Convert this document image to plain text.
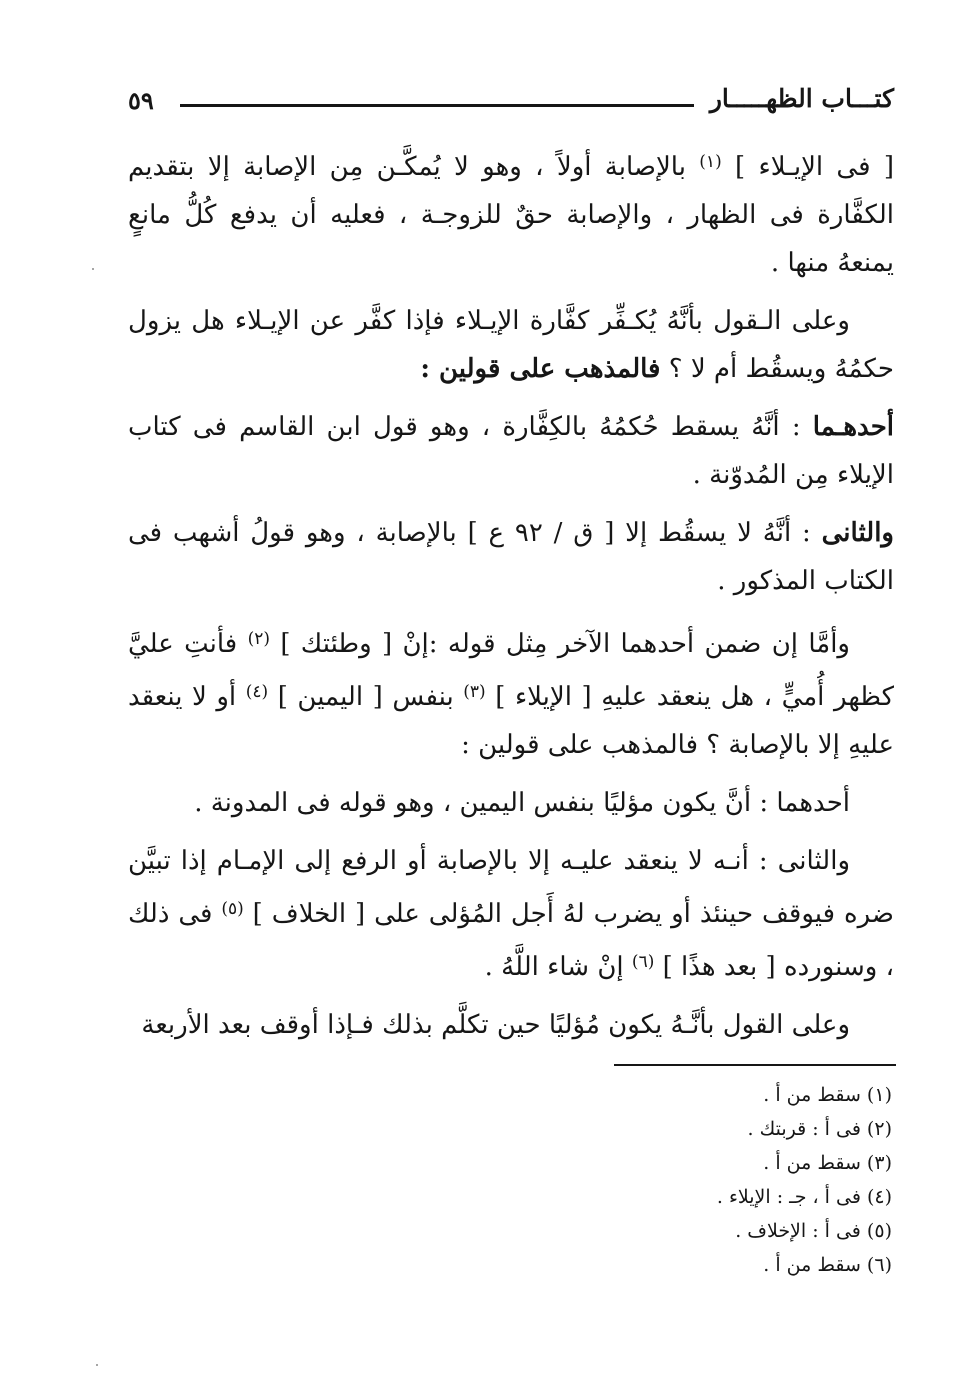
كتـــاب الظهـــــار
٥٩

[ فى الإيـلاء ] $^{(١)}$ بالإصابة أولاً ، وهو لا يُمكَّـن مِن الإصابة إلا بتقديم الكفَّارة فى الظهار ، والإصابة حقٌ للزوجـة ، فعليه أن يدفع كُلُّ مانعٍ يمنعهُ منها .

وعلى الـقول بأنَّهُ يُكـفِّر كفَّارة الإيـلاء فإذا كفَّر عن الإيـلاء هل يزول حكمُهُ ويسقُط أم لا ؟ فالمذهب على قولين :

أحدهـما : أنَّهُ يسقط حُكمُهُ بالكِفَّارة ، وهو قول ابن القاسم فى كتاب الإيلاء مِن المُدوّنة .

والثانى : أنَّهُ لا يسقُط إلا [ ق / ٩٢ ع ] بالإصابة ، وهو قولُ أشهب فى الكتاب المذكور .

وأمَّا إن ضمن أحدهما الآخر مِثل قوله :إنْ [ وطئتك ] $^{(٢)}$ فأنتِ عليَّ كظهر أُميٍّ ، هل ينعقد عليهِ [ الإيلاء ] $^{(٣)}$ بنفس [ اليمين ] $^{(٤)}$ أو لا ينعقد عليهِ إلا بالإصابة ؟ فالمذهب على قولين :

أحدهما : أنَّ يكون مؤليًا بنفس اليمين ، وهو قوله فى المدونة .

والثانى : أنـه لا ينعقد عليـه إلا بالإصابة أو الرفع إلى الإمـام إذا تبيَّن ضره فيوقف حينئذ أو يضرب لهُ أَجل المُؤلى على [ الخلاف ] $^{(٥)}$ فى ذلك ، وسنورده [ بعد هذًا ] $^{(٦)}$ إنْ شاء اللَّهُ .

وعلى القول بأنَّـهُ يكون مُؤليًا حين تكلَّم بذلك فـإذا أوقف بعد الأربعة

(١) سقط من أ .
(٢) فى أ : قربتك .
(٣) سقط من أ .
(٤) فى أ ، جـ : الإيلاء .
(٥) فى أ : الإخلاف .
(٦) سقط من أ .
